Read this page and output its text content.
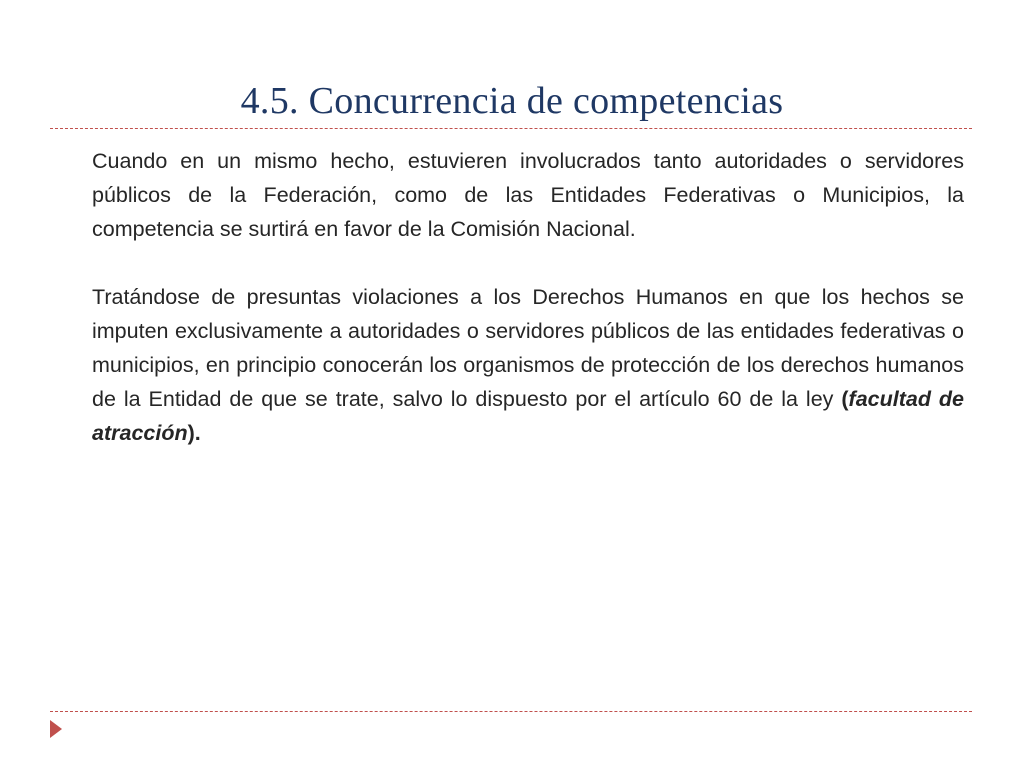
4.5. Concurrencia de competencias

Cuando en un mismo hecho, estuvieren involucrados tanto autoridades o servidores públicos de la Federación, como de las Entidades Federativas o Municipios, la competencia se surtirá en favor de la Comisión Nacional.

Tratándose de presuntas violaciones a los Derechos Humanos en que los hechos se imputen exclusivamente a autoridades o servidores públicos de las entidades federativas o municipios, en principio conocerán los organismos de protección de los derechos humanos de la Entidad de que se trate, salvo lo dispuesto por el artículo 60 de la ley (facultad de atracción).
